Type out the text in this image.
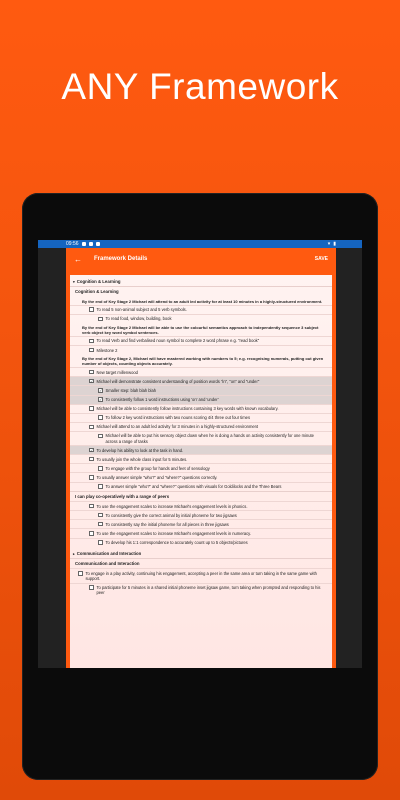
ANY Framework
09:56	▾ ▮
←	Framework Details	SAVE
▾ Cognition & Learning
Cognition & Learning
By the end of Key Stage 2 Michael will attend to an adult led activity for at least 10 minutes in a highly-structured environment.
To read 5 non-animal subject and 5 verb symbols.
To read food, window, building, book
By the end of Key Stage 2 Michael will be able to use the colourful semantics approach to independently sequence 3 subject verb object key word symbol sentences.
To read Verb and find verbalised noun symbol to complete 2 word phrase e.g. "read book"
Milestone 2
By the end of Key Stage 2, Michael will have mastered working with numbers to 5; e.g. recognising numerals, putting out given number of objects, counting objects accurately.
New target millenwood
✓ Michael will demonstrate consistent understanding of position words "in", "on" and "under"
✓ Smaller step: blah blah blah
✓ To consistently follow 1 word instructions using 'on' and 'under'
Michael will be able to consistently follow instructions containing 3 key words with known vocabulary.
To follow 2 key word instructions with two nouns scoring 4/4 three out four times
Michael will attend to an adult led activity for 3 minutes in a highly-structured environment
Michael will be able to put his sensory object down when he is doing a hands on activity consistently for one minute across a range of tasks
✓ To develop his ability to look at the task in hand.
To usually join the whole class input for 5 minutes.
To engage with the group for hands and feet of sensology
To usually answer simple "who?" and "where?" questions correctly.
To answer simple "who?" and "where?" questions with visuals for Goldilocks and the Three Bears
I can play co-operatively with a range of peers
To use the engagement scales to increase Michael's engagement levels in phonics.
To consistently give the correct animal by initial phoneme for two jigsaws
To consistently say the initial phoneme for all pieces in three jigsaws
To use the engagement scales to increase Michael's engagement levels in numeracy.
To develop his 1:1 correspondence to accurately count up to 5 objects/pictures
▸ Communication and Interaction
Communication and Interaction
To engage in a play activity, continuing his engagement, accepting a peer in the same area or turn taking in the same game with support.
To participate for 5 minutes in a shared initial phoneme inset jigsaw game, turn taking when prompted and responding to his peer
